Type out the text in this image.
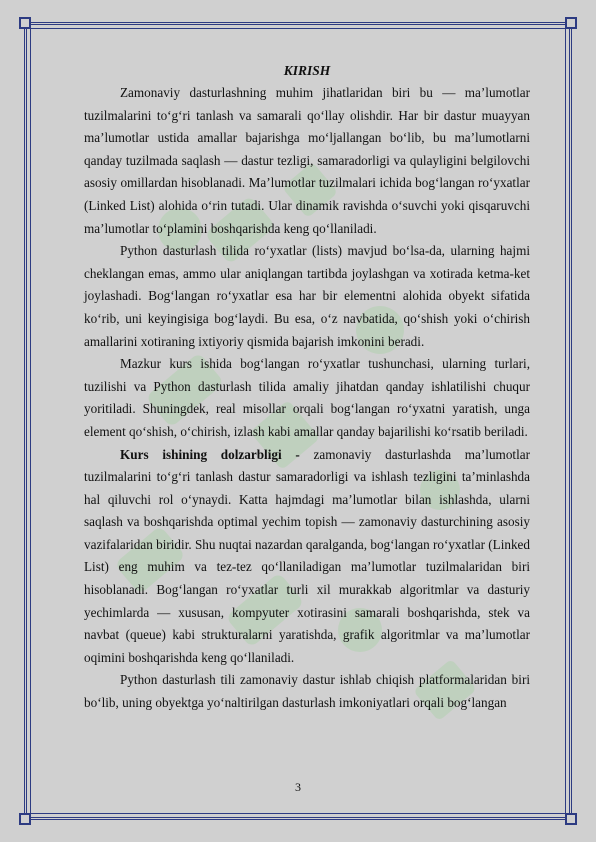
KIRISH

Zamonaviy dasturlashning muhim jihatlaridan biri bu — ma’lumotlar tuzilmalarini to‘g‘ri tanlash va samarali qo‘llay olishdir. Har bir dastur muayyan ma’lumotlar ustida amallar bajarishga mo‘ljallangan bo‘lib, bu ma’lumotlarni qanday tuzilmada saqlash — dastur tezligi, samaradorligi va qulayligini belgilovchi asosiy omillardan hisoblanadi. Ma’lumotlar tuzilmalari ichida bog‘langan ro‘yxatlar (Linked List) alohida o‘rin tutadi. Ular dinamik ravishda o‘suvchi yoki qisqaruvchi ma’lumotlar to‘plamini boshqarishda keng qo‘llaniladi.

Python dasturlash tilida ro‘yxatlar (lists) mavjud bo‘lsa-da, ularning hajmi cheklangan emas, ammo ular aniqlangan tartibda joylashgan va xotirada ketma-ket joylashadi. Bog‘langan ro‘yxatlar esa har bir elementni alohida obyekt sifatida ko‘rib, uni keyingisiga bog‘laydi. Bu esa, o‘z navbatida, qo‘shish yoki o‘chirish amallarini xotiraning ixtiyoriy qismida bajarish imkonini beradi.

Mazkur kurs ishida bog‘langan ro‘yxatlar tushunchasi, ularning turlari, tuzilishi va Python dasturlash tilida amaliy jihatdan qanday ishlatilishi chuqur yoritiladi. Shuningdek, real misollar orqali bog‘langan ro‘yxatni yaratish, unga element qo‘shish, o‘chirish, izlash kabi amallar qanday bajarilishi ko‘rsatib beriladi.

Kurs ishining dolzarbligi - zamonaviy dasturlashda ma’lumotlar tuzilmalarini to‘g‘ri tanlash dastur samaradorligi va ishlash tezligini ta’minlashda hal qiluvchi rol o‘ynaydi. Katta hajmdagi ma’lumotlar bilan ishlashda, ularni saqlash va boshqarishda optimal yechim topish — zamonaviy dasturchining asosiy vazifalaridan biridir. Shu nuqtai nazardan qaralganda, bog‘langan ro‘yxatlar (Linked List) eng muhim va tez-tez qo‘llaniladigan ma’lumotlar tuzilmalaridan biri hisoblanadi. Bog‘langan ro‘yxatlar turli xil murakkab algoritmlar va dasturiy yechimlarda — xususan, kompyuter xotirasini samarali boshqarishda, stek va navbat (queue) kabi strukturalarni yaratishda, grafik algoritmlar va ma’lumotlar oqimini boshqarishda keng qo‘llaniladi.

Python dasturlash tili zamonaviy dastur ishlab chiqish platformalaridan biri bo‘lib, uning obyektga yo‘naltirilgan dasturlash imkoniyatlari orqali bog‘langan

3
